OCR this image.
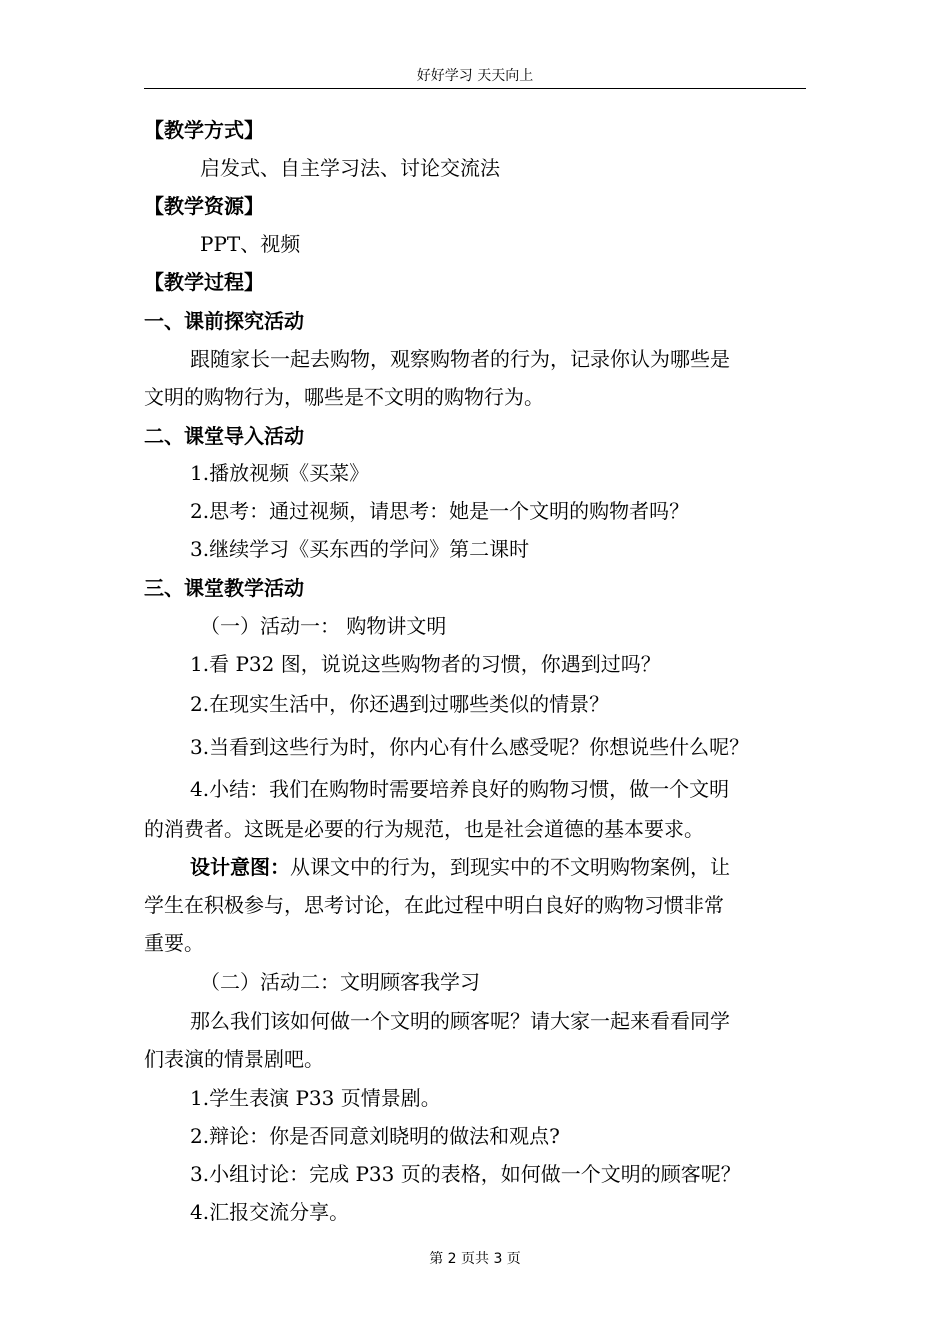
好好学习 天天向上
【教学方式】
启发式、自主学习法、讨论交流法
【教学资源】
PPT、视频
【教学过程】
一、课前探究活动
跟随家长一起去购物，观察购物者的行为，记录你认为哪些是
文明的购物行为，哪些是不文明的购物行为。
二、课堂导入活动
1.播放视频《买菜》
2.思考：通过视频，请思考：她是一个文明的购物者吗？
3.继续学习《买东西的学问》第二课时
三、课堂教学活动
（一）活动一： 购物讲文明
1.看 P32 图，说说这些购物者的习惯，你遇到过吗？
2.在现实生活中，你还遇到过哪些类似的情景？
3.当看到这些行为时，你内心有什么感受呢？你想说些什么呢？
4.小结：我们在购物时需要培养良好的购物习惯，做一个文明
的消费者。这既是必要的行为规范，也是社会道德的基本要求。
设计意图：从课文中的行为，到现实中的不文明购物案例，让
学生在积极参与，思考讨论，在此过程中明白良好的购物习惯非常
重要。
（二）活动二：文明顾客我学习
那么我们该如何做一个文明的顾客呢？请大家一起来看看同学
们表演的情景剧吧。
1.学生表演 P33 页情景剧。
2.辩论：你是否同意刘晓明的做法和观点?
3.小组讨论：完成 P33 页的表格，如何做一个文明的顾客呢？
4.汇报交流分享。
第 2 页共 3 页
